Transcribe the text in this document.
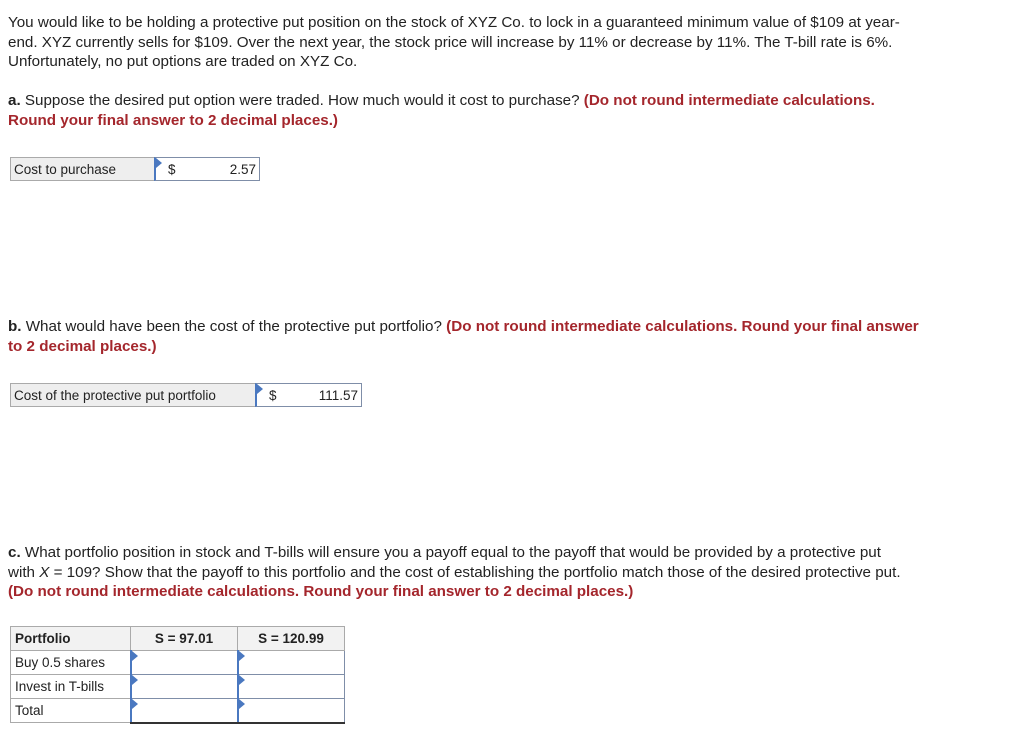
You would like to be holding a protective put position on the stock of XYZ Co. to lock in a guaranteed minimum value of $109 at year-
end. XYZ currently sells for $109. Over the next year, the stock price will increase by 11% or decrease by 11%. The T-bill rate is 6%.
Unfortunately, no put options are traded on XYZ Co.
a. Suppose the desired put option were traded. How much would it cost to purchase? (Do not round intermediate calculations.
Round your final answer to 2 decimal places.)
Cost to purchase	$	2.57
b. What would have been the cost of the protective put portfolio? (Do not round intermediate calculations. Round your final answer
to 2 decimal places.)
Cost of the protective put portfolio	$	111.57
c. What portfolio position in stock and T-bills will ensure you a payoff equal to the payoff that would be provided by a protective put
with X = 109? Show that the payoff to this portfolio and the cost of establishing the portfolio match those of the desired protective put.
(Do not round intermediate calculations. Round your final answer to 2 decimal places.)
Portfolio	S = 97.01	S = 120.99
Buy 0.5 shares	

Invest in T-bills	

Total	
